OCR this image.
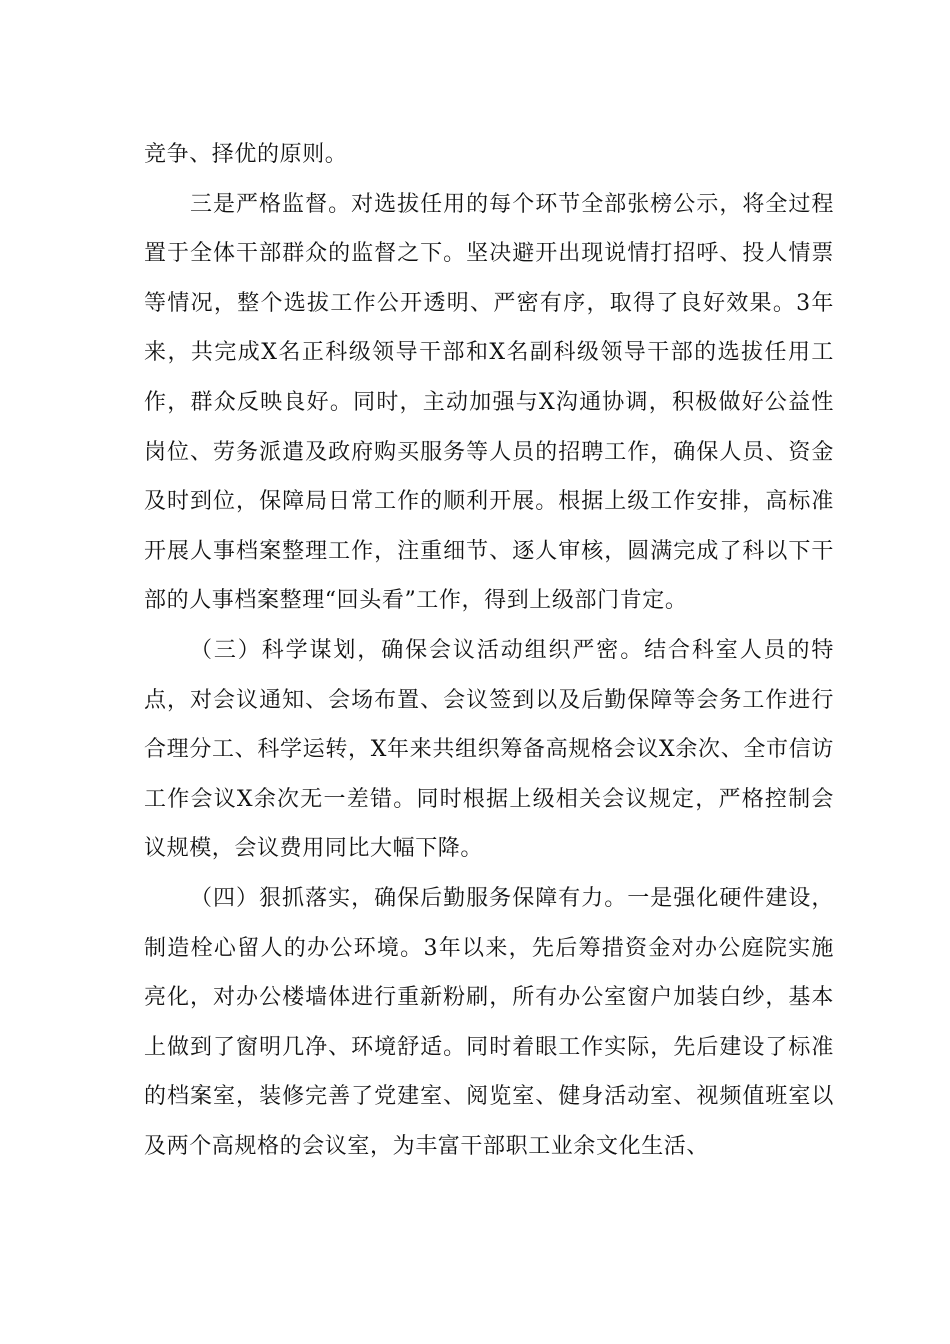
竞争、择优的原则。

三是严格监督。对选拔任用的每个环节全部张榜公示，将全过程置于全体干部群众的监督之下。坚决避开出现说情打招呼、投人情票等情况，整个选拔工作公开透明、严密有序，取得了良好效果。3年来，共完成X名正科级领导干部和X名副科级领导干部的选拔任用工作，群众反映良好。同时，主动加强与X沟通协调，积极做好公益性岗位、劳务派遣及政府购买服务等人员的招聘工作，确保人员、资金及时到位，保障局日常工作的顺利开展。根据上级工作安排，高标准开展人事档案整理工作，注重细节、逐人审核，圆满完成了科以下干部的人事档案整理“回头看”工作，得到上级部门肯定。

（三）科学谋划，确保会议活动组织严密。结合科室人员的特点，对会议通知、会场布置、会议签到以及后勤保障等会务工作进行合理分工、科学运转，X年来共组织筹备高规格会议X余次、全市信访工作会议X余次无一差错。同时根据上级相关会议规定，严格控制会议规模，会议费用同比大幅下降。

（四）狠抓落实，确保后勤服务保障有力。一是强化硬件建设，制造栓心留人的办公环境。3年以来，先后筹措资金对办公庭院实施亮化，对办公楼墙体进行重新粉刷，所有办公室窗户加装白纱，基本上做到了窗明几净、环境舒适。同时着眼工作实际，先后建设了标准的档案室，装修完善了党建室、阅览室、健身活动室、视频值班室以及两个高规格的会议室，为丰富干部职工业余文化生活、
